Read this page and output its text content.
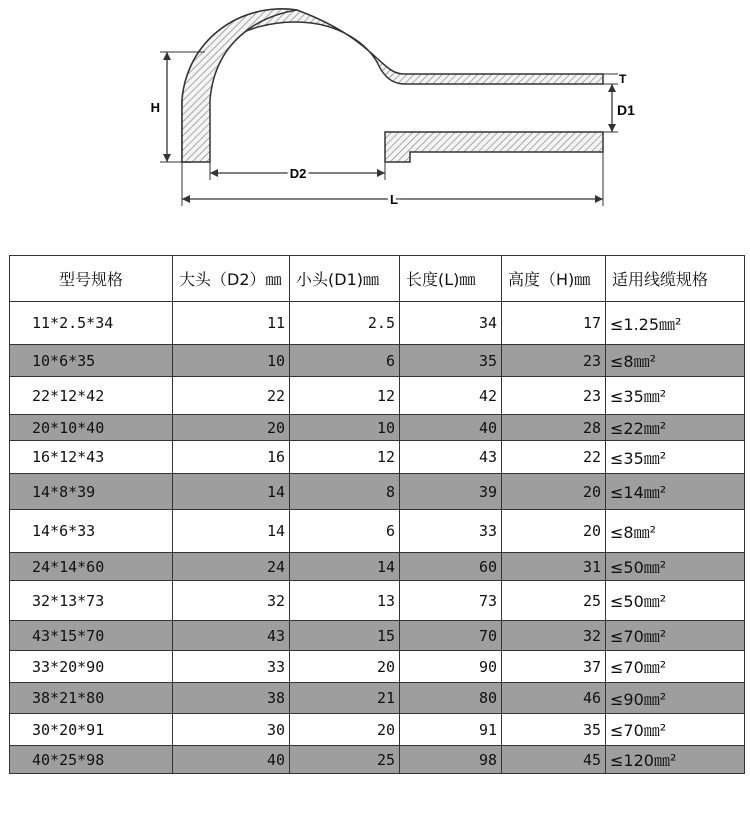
H
D2
L
T
D1
型号规格	大头（D2）㎜	小头(D1)㎜	长度(L)㎜	高度（H)㎜	适用线缆规格
11*2.5*34	11	2.5	34	17	≤1.25㎜²
10*6*35	10	6	35	23	≤8㎜²
22*12*42	22	12	42	23	≤35㎜²
20*10*40	20	10	40	28	≤22㎜²
16*12*43	16	12	43	22	≤35㎜²
14*8*39	14	8	39	20	≤14㎜²
14*6*33	14	6	33	20	≤8㎜²
24*14*60	24	14	60	31	≤50㎜²
32*13*73	32	13	73	25	≤50㎜²
43*15*70	43	15	70	32	≤70㎜²
33*20*90	33	20	90	37	≤70㎜²
38*21*80	38	21	80	46	≤90㎜²
30*20*91	30	20	91	35	≤70㎜²
40*25*98	40	25	98	45	≤120㎜²
